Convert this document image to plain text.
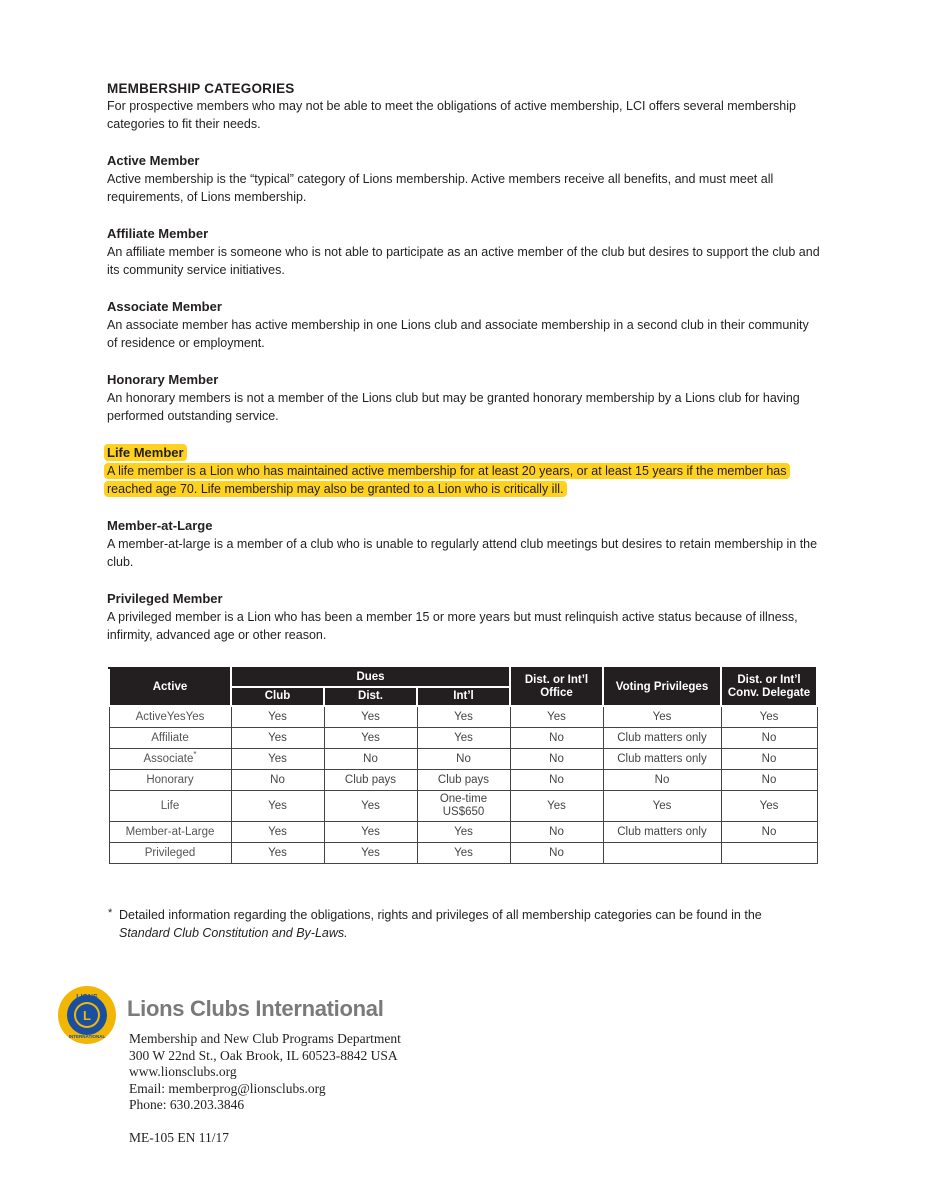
MEMBERSHIP CATEGORIES

For prospective members who may not be able to meet the obligations of active membership, LCI offers several membership categories to fit their needs.

Active Member

Active membership is the “typical” category of Lions membership. Active members receive all benefits, and must meet all requirements, of Lions membership.

Affiliate Member

An affiliate member is someone who is not able to participate as an active member of the club but desires to support the club and its community service initiatives.

Associate Member

An associate member has active membership in one Lions club and associate membership in a second club in their community of residence or employment.

Honorary Member

An honorary members is not a member of the Lions club but may be granted honorary membership by a Lions club for having performed outstanding service.

Life Member

A life member is a Lion who has maintained active membership for at least 20 years, or at least 15 years if the member has reached age 70. Life membership may also be granted to a Lion who is critically ill.

Member-at-Large

A member-at-large is a member of a club who is unable to regularly attend club meetings but desires to retain membership in the club.

Privileged Member

A privileged member is a Lion who has been a member 15 or more years but must relinquish active status because of illness, infirmity, advanced age or other reason.

Active	Dues			Dist. or Int’l Office	Voting Privileges	Dist. or Int’l Conv. Delegate
	Club	Dist.	Int’l			
ActiveYesYes	Yes	Yes	Yes	Yes	Yes	Yes
Affiliate	Yes	Yes	Yes	No	Club matters only	No
Associate*	Yes	No	No	No	Club matters only	No
Honorary	No	Club pays	Club pays	No	No	No
Life	Yes	Yes	One-time US$650	Yes	Yes	Yes
Member-at-Large	Yes	Yes	Yes	No	Club matters only	No
Privileged	Yes	Yes	Yes	No		
* Detailed information regarding the obligations, rights and privileges of all membership categories can be found in the
Standard Club Constitution and By-Laws.
LIONS
INTERNATIONAL
L Lions Clubs International
Membership and New Club Programs Department
300 W 22nd St., Oak Brook, IL 60523-8842 USA
www.lionsclubs.org
Email: memberprog@lionsclubs.org
Phone: 630.203.3846
ME-105 EN 11/17
